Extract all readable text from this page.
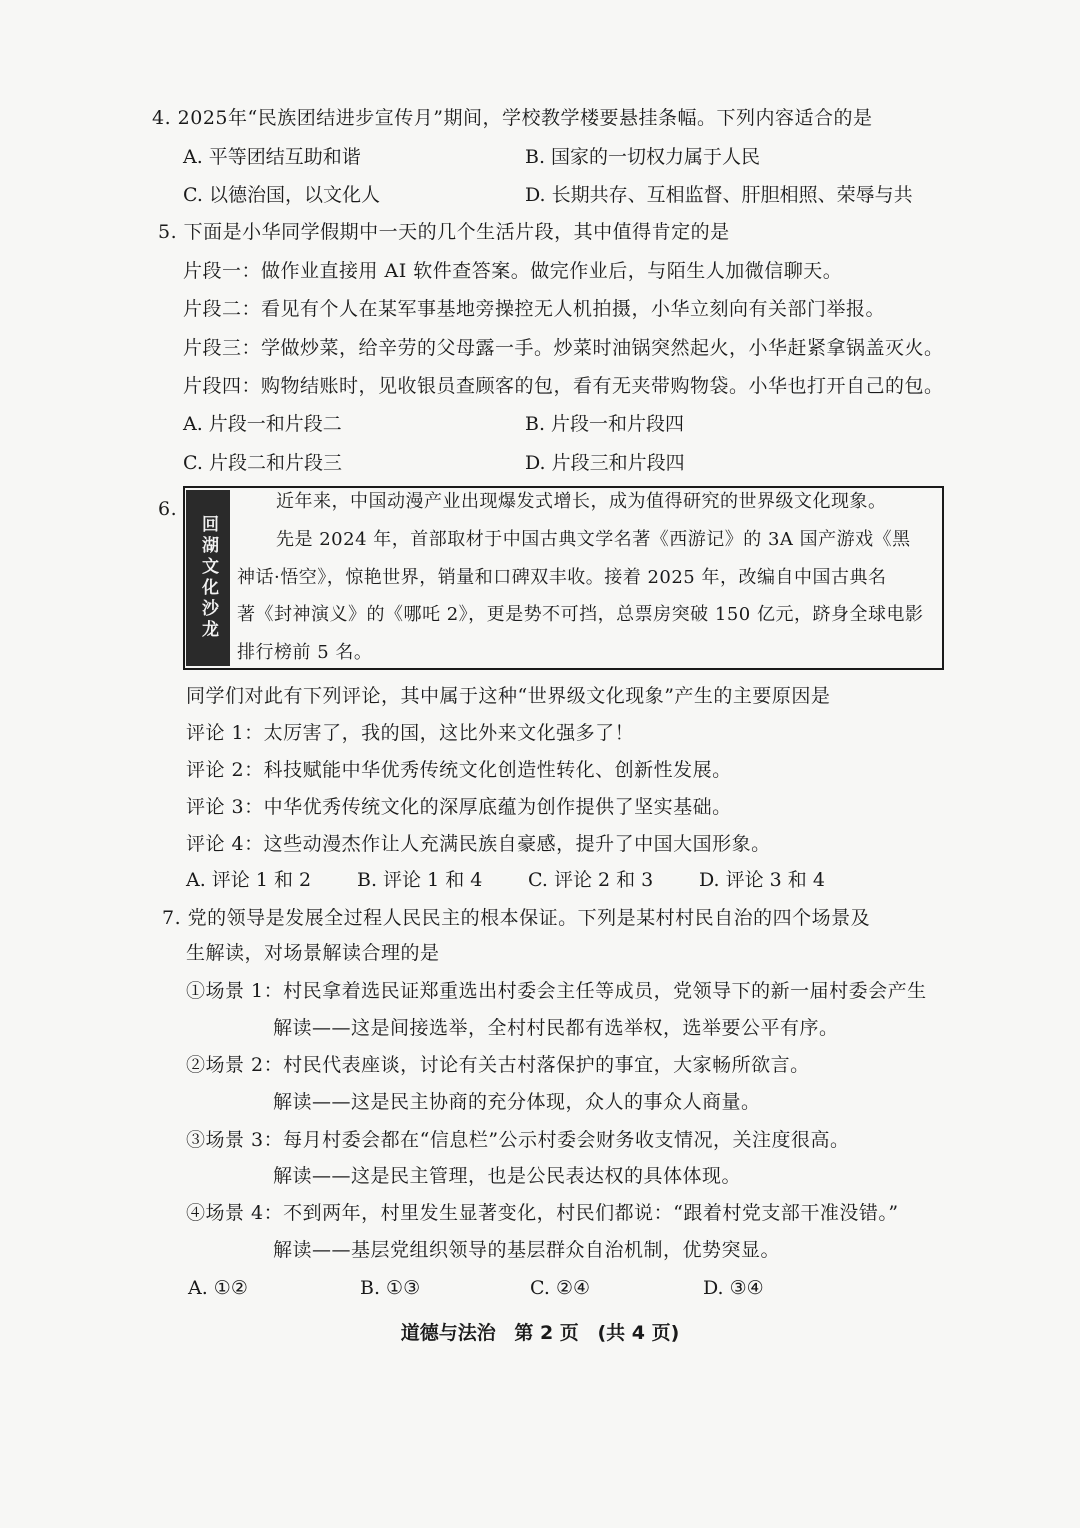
4. 2025年“民族团结进步宣传月”期间，学校教学楼要悬挂条幅。下列内容适合的是
A. 平等团结互助和谐	B. 国家的一切权力属于人民
C. 以德治国，以文化人	D. 长期共存、互相监督、肝胆相照、荣辱与共
5. 下面是小华同学假期中一天的几个生活片段，其中值得肯定的是
片段一：做作业直接用 AI 软件查答案。做完作业后，与陌生人加微信聊天。
片段二：看见有个人在某军事基地旁操控无人机拍摄，小华立刻向有关部门举报。
片段三：学做炒菜，给辛劳的父母露一手。炒菜时油锅突然起火，小华赶紧拿锅盖灭火。
片段四：购物结账时，见收银员查顾客的包，看有无夹带购物袋。小华也打开自己的包。
A. 片段一和片段二	B. 片段一和片段四
C. 片段二和片段三	D. 片段三和片段四
6.
回湖文化沙龙
近年来，中国动漫产业出现爆发式增长，成为值得研究的世界级文化现象。
先是 2024 年，首部取材于中国古典文学名著《西游记》的 3A 国产游戏《黑
神话·悟空》，惊艳世界，销量和口碑双丰收。接着 2025 年，改编自中国古典名
著《封神演义》的《哪吒 2》，更是势不可挡，总票房突破 150 亿元，跻身全球电影
排行榜前 5 名。
同学们对此有下列评论，其中属于这种“世界级文化现象”产生的主要原因是
评论 1：太厉害了，我的国，这比外来文化强多了！
评论 2：科技赋能中华优秀传统文化创造性转化、创新性发展。
评论 3：中华优秀传统文化的深厚底蕴为创作提供了坚实基础。
评论 4：这些动漫杰作让人充满民族自豪感，提升了中国大国形象。
A. 评论 1 和 2 B. 评论 1 和 4 C. 评论 2 和 3 D. 评论 3 和 4
7. 党的领导是发展全过程人民民主的根本保证。下列是某村村民自治的四个场景及
生解读，对场景解读合理的是
①场景 1：村民拿着选民证郑重选出村委会主任等成员，党领导下的新一届村委会产生
解读——这是间接选举，全村村民都有选举权，选举要公平有序。
②场景 2：村民代表座谈，讨论有关古村落保护的事宜，大家畅所欲言。
解读——这是民主协商的充分体现，众人的事众人商量。
③场景 3：每月村委会都在“信息栏”公示村委会财务收支情况，关注度很高。
解读——这是民主管理，也是公民表达权的具体体现。
④场景 4：不到两年，村里发生显著变化，村民们都说：“跟着村党支部干准没错。”
解读——基层党组织领导的基层群众自治机制，优势突显。
A. ①②	B. ①③	C. ②④	D. ③④
道德与法治 第 2 页 (共 4 页)
